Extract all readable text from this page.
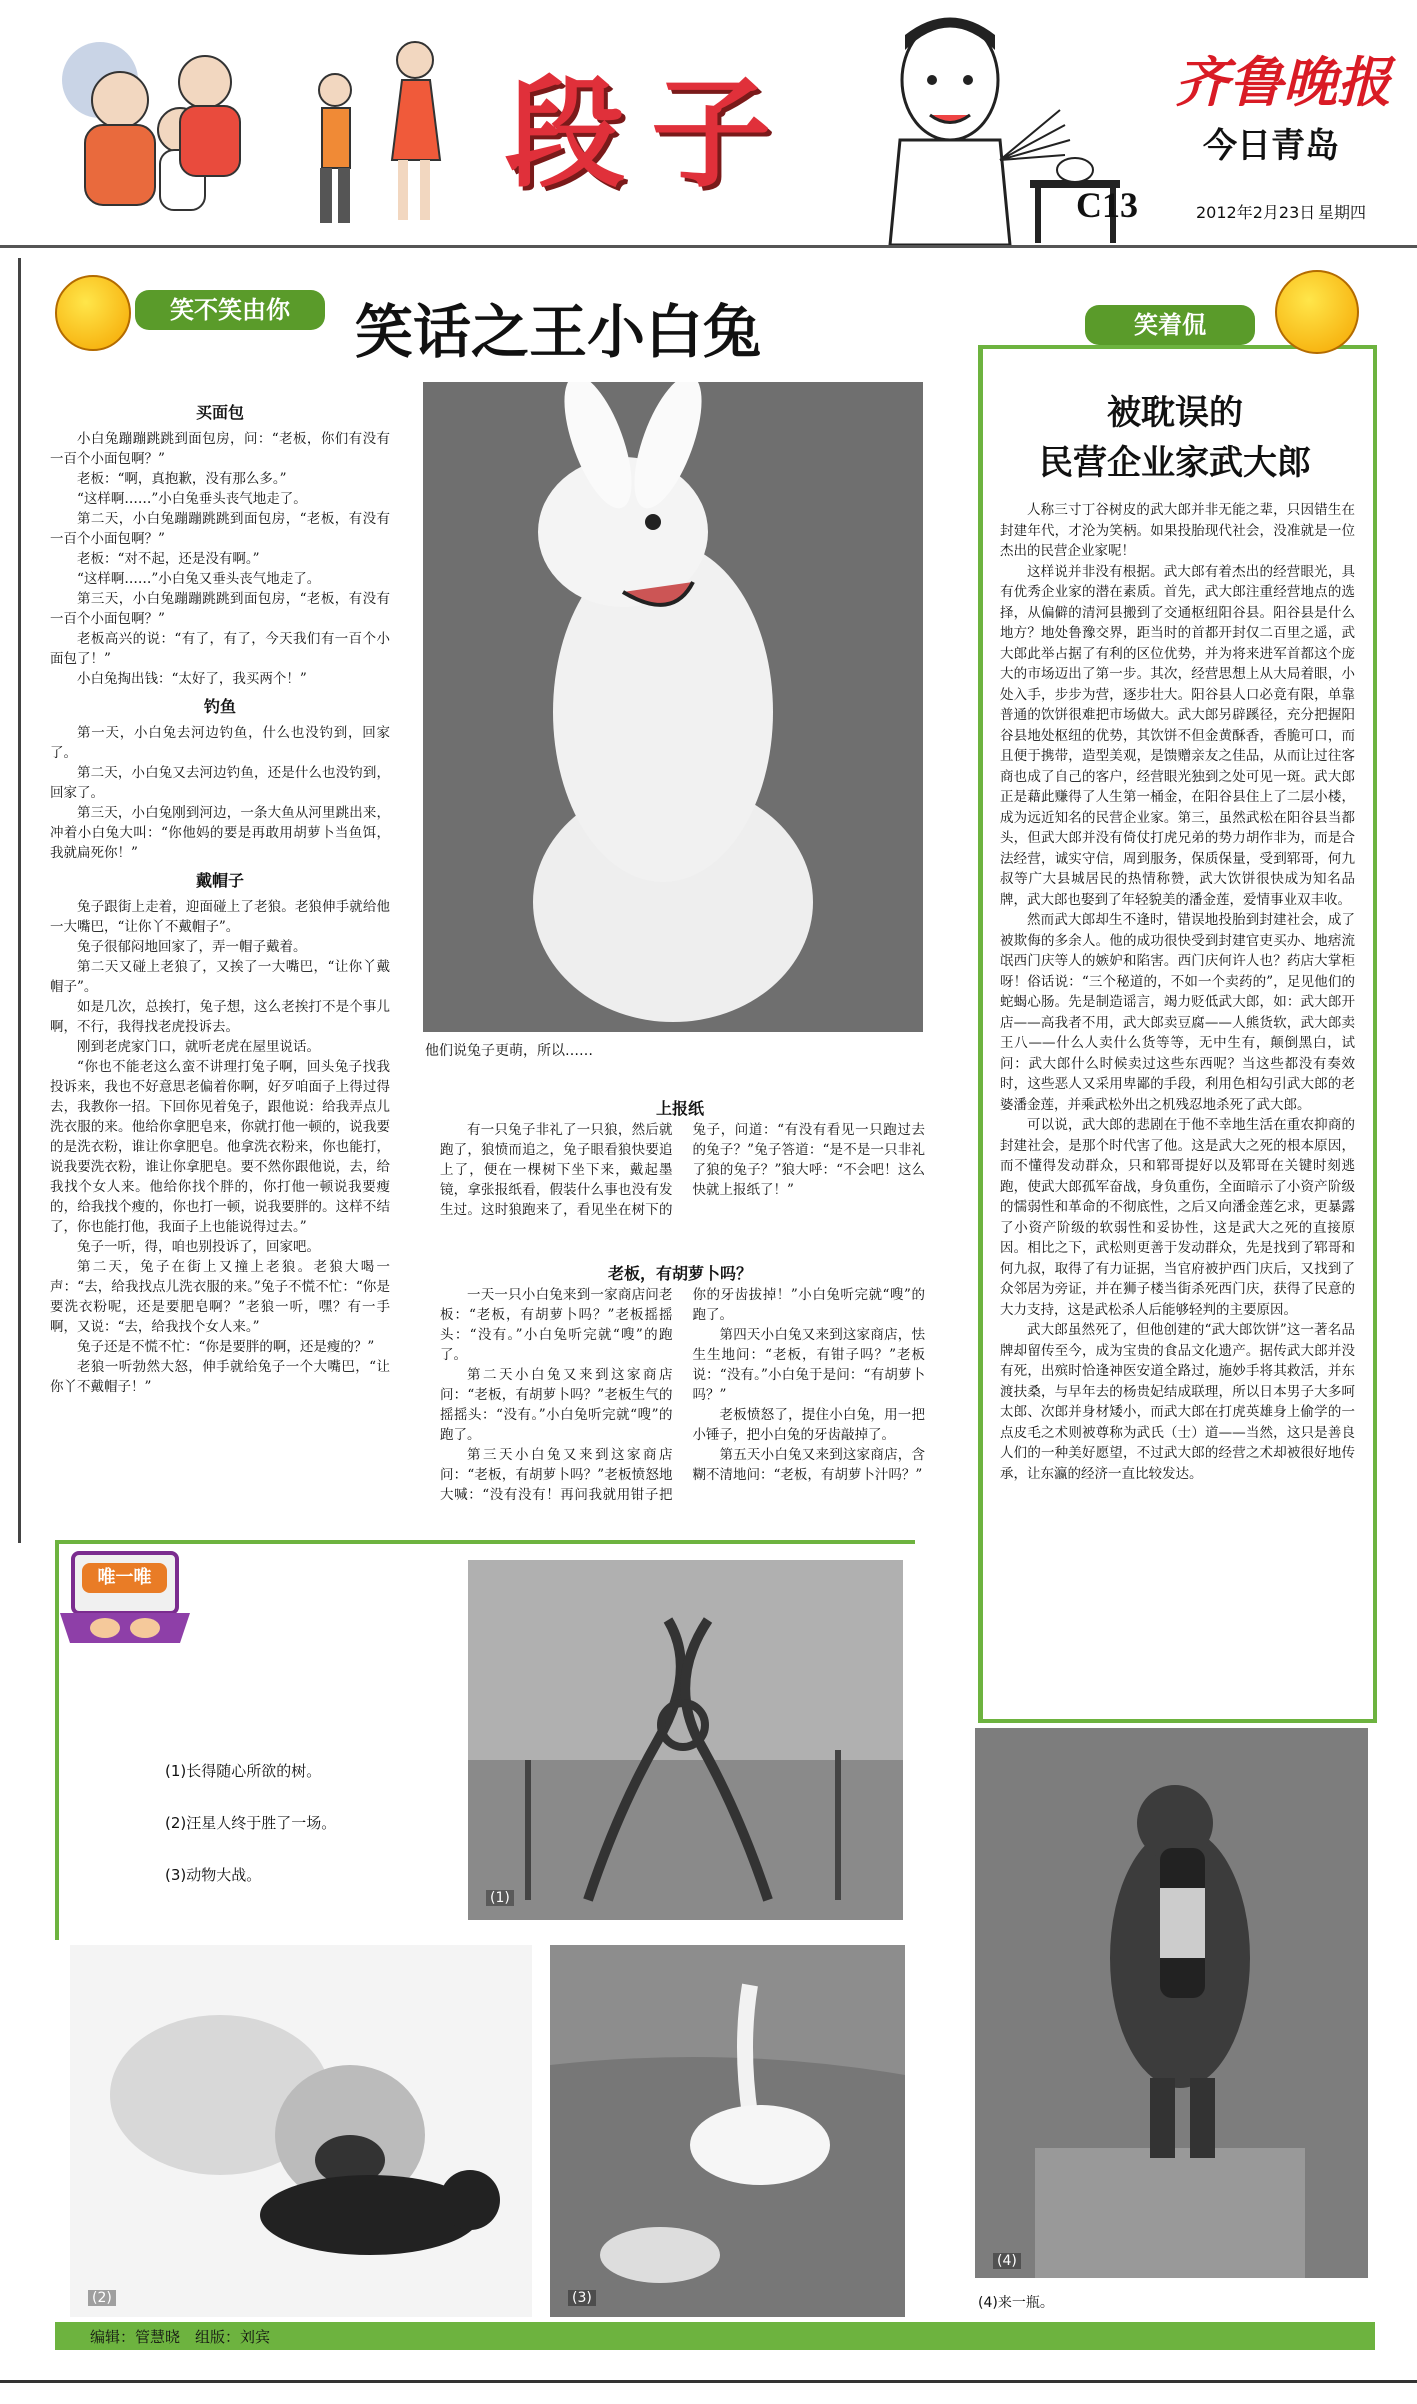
段子	齐鲁晚报
今日青岛
C13	2012年2月23日 星期四
笑不笑由你	笑话之王小白兔
买面包

小白兔蹦蹦跳跳到面包房，问：“老板，你们有没有一百个小面包啊？”

老板：“啊，真抱歉，没有那么多。”

“这样啊……”小白兔垂头丧气地走了。

第二天，小白兔蹦蹦跳跳到面包房，“老板，有没有一百个小面包啊？”

老板：“对不起，还是没有啊。”

“这样啊……”小白兔又垂头丧气地走了。

第三天，小白兔蹦蹦跳跳到面包房，“老板，有没有一百个小面包啊？”

老板高兴的说：“有了，有了，今天我们有一百个小面包了！”

小白兔掏出钱：“太好了，我买两个！”

钓鱼

第一天，小白兔去河边钓鱼，什么也没钓到，回家了。

第二天，小白兔又去河边钓鱼，还是什么也没钓到，回家了。

第三天，小白兔刚到河边，一条大鱼从河里跳出来，冲着小白兔大叫：“你他妈的要是再敢用胡萝卜当鱼饵，我就扁死你！”

戴帽子

兔子跟街上走着，迎面碰上了老狼。老狼伸手就给他一大嘴巴，“让你丫不戴帽子”。

兔子很郁闷地回家了，弄一帽子戴着。

第二天又碰上老狼了，又挨了一大嘴巴，“让你丫戴帽子”。

如是几次，总挨打，兔子想，这么老挨打不是个事儿啊，不行，我得找老虎投诉去。

刚到老虎家门口，就听老虎在屋里说话。

“你也不能老这么蛮不讲理打兔子啊，回头兔子找我投诉来，我也不好意思老偏着你啊，好歹咱面子上得过得去，我教你一招。下回你见着兔子，跟他说：给我弄点儿洗衣服的来。他给你拿肥皂来，你就打他一顿的，说我要的是洗衣粉，谁让你拿肥皂。他拿洗衣粉来，你也能打，说我要洗衣粉，谁让你拿肥皂。要不然你跟他说，去，给我找个女人来。他给你找个胖的，你打他一顿说我要瘦的，给我找个瘦的，你也打一顿，说我要胖的。这样不结了，你也能打他，我面子上也能说得过去。”

兔子一听，得，咱也别投诉了，回家吧。

第二天，兔子在街上又撞上老狼。老狼大喝一声：“去，给我找点儿洗衣服的来。”兔子不慌不忙：“你是要洗衣粉呢，还是要肥皂啊？”老狼一听，嘿？有一手啊，又说：“去，给我找个女人来。”

兔子还是不慌不忙：“你是要胖的啊，还是瘦的？”

老狼一听勃然大怒，伸手就给兔子一个大嘴巴，“让你丫不戴帽子！”

他们说兔子更萌，所以……
上报纸

有一只兔子非礼了一只狼，然后就跑了，狼愤而追之，兔子眼看狼快要追上了，便在一棵树下坐下来，戴起墨镜，拿张报纸看，假装什么事也没有发生过。这时狼跑来了，看见坐在树下的兔子，问道：“有没有看见一只跑过去的兔子？”兔子答道：“是不是一只非礼了狼的兔子？”狼大呼：“不会吧！这么快就上报纸了！”

老板，有胡萝卜吗？

一天一只小白兔来到一家商店问老板：“老板，有胡萝卜吗？”老板摇摇头：“没有。”小白兔听完就“嗖”的跑了。

第二天小白兔又来到这家商店问：“老板，有胡萝卜吗？”老板生气的摇摇头：“没有。”小白兔听完就“嗖”的跑了。

第三天小白兔又来到这家商店问：“老板，有胡萝卜吗？”老板愤怒地大喊：“没有没有！再问我就用钳子把你的牙齿拔掉！”小白兔听完就“嗖”的跑了。

第四天小白兔又来到这家商店，怯生生地问：“老板，有钳子吗？”老板说：“没有。”小白兔于是问：“有胡萝卜吗？”

老板愤怒了，提住小白兔，用一把小锤子，把小白兔的牙齿敲掉了。

第五天小白兔又来到这家商店，含糊不清地问：“老板，有胡萝卜汁吗？”

笑着侃
被耽误的
民营企业家武大郎

人称三寸丁谷树皮的武大郎并非无能之辈，只因错生在封建年代，才沦为笑柄。如果投胎现代社会，没准就是一位杰出的民营企业家呢！

这样说并非没有根据。武大郎有着杰出的经营眼光，具有优秀企业家的潜在素质。首先，武大郎注重经营地点的选择，从偏僻的清河县搬到了交通枢纽阳谷县。阳谷县是什么地方？地处鲁豫交界，距当时的首都开封仅二百里之遥，武大郎此举占据了有利的区位优势，并为将来进军首都这个庞大的市场迈出了第一步。其次，经营思想上从大局着眼，小处入手，步步为营，逐步壮大。阳谷县人口必竟有限，单靠普通的饮饼很难把市场做大。武大郎另辟蹊径，充分把握阳谷县地处枢纽的优势，其饮饼不但金黄酥香，香脆可口，而且便于携带，造型美观，是馈赠亲友之佳品，从而让过往客商也成了自己的客户，经营眼光独到之处可见一斑。武大郎正是藉此赚得了人生第一桶金，在阳谷县住上了二层小楼，成为远近知名的民营企业家。第三，虽然武松在阳谷县当都头，但武大郎并没有倚仗打虎兄弟的势力胡作非为，而是合法经营，诚实守信，周到服务，保质保量，受到郓哥，何九叔等广大县城居民的热情称赞，武大饮饼很快成为知名品牌，武大郎也娶到了年轻貌美的潘金莲，爱情事业双丰收。

然而武大郎却生不逢时，错误地投胎到封建社会，成了被欺侮的多余人。他的成功很快受到封建官吏买办、地痞流氓西门庆等人的嫉妒和陷害。西门庆何许人也？药店大掌柜呀！俗话说：“三个秘道的，不如一个卖药的”，足见他们的蛇蝎心肠。先是制造谣言，竭力贬低武大郎，如：武大郎开店——高我者不用，武大郎卖豆腐——人熊货软，武大郎卖王八——什么人卖什么货等等，无中生有，颠倒黑白，试问：武大郎什么时候卖过这些东西呢？当这些都没有奏效时，这些恶人又采用卑鄙的手段，利用色相勾引武大郎的老婆潘金莲，并乘武松外出之机残忍地杀死了武大郎。

可以说，武大郎的悲剧在于他不幸地生活在重农抑商的封建社会，是那个时代害了他。这是武大之死的根本原因，而不懂得发动群众，只和郓哥提好以及郓哥在关键时刻逃跑，使武大郎孤军奋战，身负重伤，全面暗示了小资产阶级的懦弱性和革命的不彻底性，之后又向潘金莲乞求，更暴露了小资产阶级的软弱性和妥协性，这是武大之死的直接原因。相比之下，武松则更善于发动群众，先是找到了郓哥和何九叔，取得了有力证据，当官府被护西门庆后，又找到了众邻居为旁证，并在狮子楼当街杀死西门庆，获得了民意的大力支持，这是武松杀人后能够轻判的主要原因。

武大郎虽然死了，但他创建的“武大郎饮饼”这一著名品牌却留传至今，成为宝贵的食品文化遗产。据传武大郎并没有死，出殡时恰逢神医安道全路过，施妙手将其救活，并东渡扶桑，与早年去的杨贵妃结成联理，所以日本男子大多呵太郎、次郎并身材矮小，而武大郎在打虎英雄身上偷学的一点皮毛之术则被尊称为武氏（士）道——当然，这只是善良人们的一种美好愿望，不过武大郎的经营之术却被很好地传承，让东瀛的经济一直比较发达。

唯一唯
(1)长得随心所欲的树。
(2)汪星人终于胜了一场。
(3)动物大战。
(1)
(2)	(3)
(4)
(4)来一瓶。
编辑：管慧晓　组版：刘宾
